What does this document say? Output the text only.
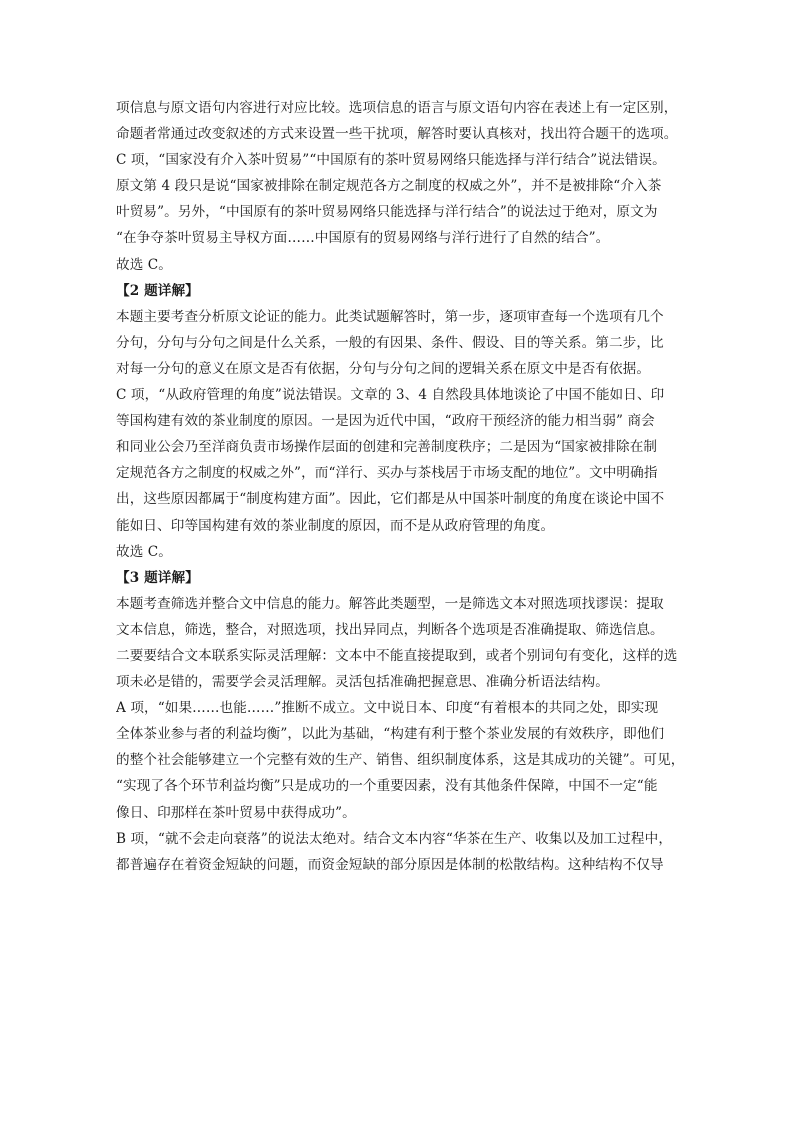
项信息与原文语句内容进行对应比较。选项信息的语言与原文语句内容在表述上有一定区别，
命题者常通过改变叙述的方式来设置一些干扰项，解答时要认真核对，找出符合题干的选项。
C 项，“国家没有介入茶叶贸易”“中国原有的茶叶贸易网络只能选择与洋行结合”说法错误。
原文第 4 段只是说“国家被排除在制定规范各方之制度的权威之外”，并不是被排除“介入茶
叶贸易”。另外，“中国原有的茶叶贸易网络只能选择与洋行结合”的说法过于绝对，原文为
“在争夺茶叶贸易主导权方面……中国原有的贸易网络与洋行进行了自然的结合”。
故选 C。
【2 题详解】
本题主要考查分析原文论证的能力。此类试题解答时，第一步，逐项审查每一个选项有几个
分句，分句与分句之间是什么关系，一般的有因果、条件、假设、目的等关系。第二步，比
对每一分句的意义在原文是否有依据，分句与分句之间的逻辑关系在原文中是否有依据。
C 项，“从政府管理的角度”说法错误。文章的 3、4 自然段具体地谈论了中国不能如日、印
等国构建有效的茶业制度的原因。一是因为近代中国，“政府干预经济的能力相当弱” 商会
和同业公会乃至洋商负责市场操作层面的创建和完善制度秩序；二是因为“国家被排除在制
定规范各方之制度的权威之外”，而“洋行、买办与茶栈居于市场支配的地位”。文中明确指
出，这些原因都属于“制度构建方面”。因此，它们都是从中国茶叶制度的角度在谈论中国不
能如日、印等国构建有效的茶业制度的原因，而不是从政府管理的角度。
故选 C。
【3 题详解】
本题考查筛选并整合文中信息的能力。解答此类题型，一是筛选文本对照选项找谬误：提取
文本信息，筛选，整合，对照选项，找出异同点，判断各个选项是否准确提取、筛选信息。
二要要结合文本联系实际灵活理解：文本中不能直接提取到，或者个别词句有变化，这样的选
项未必是错的，需要学会灵活理解。灵活包括准确把握意思、准确分析语法结构。
A 项，“如果……也能……”推断不成立。文中说日本、印度“有着根本的共同之处，即实现
全体茶业参与者的利益均衡”，以此为基础，“构建有利于整个茶业发展的有效秩序，即他们
的整个社会能够建立一个完整有效的生产、销售、组织制度体系，这是其成功的关键”。可见，
“实现了各个环节利益均衡”只是成功的一个重要因素，没有其他条件保障，中国不一定“能
像日、印那样在茶叶贸易中获得成功”。
B 项，“就不会走向衰落”的说法太绝对。结合文本内容“华茶在生产、收集以及加工过程中，
都普遍存在着资金短缺的问题，而资金短缺的部分原因是体制的松散结构。这种结构不仅导
